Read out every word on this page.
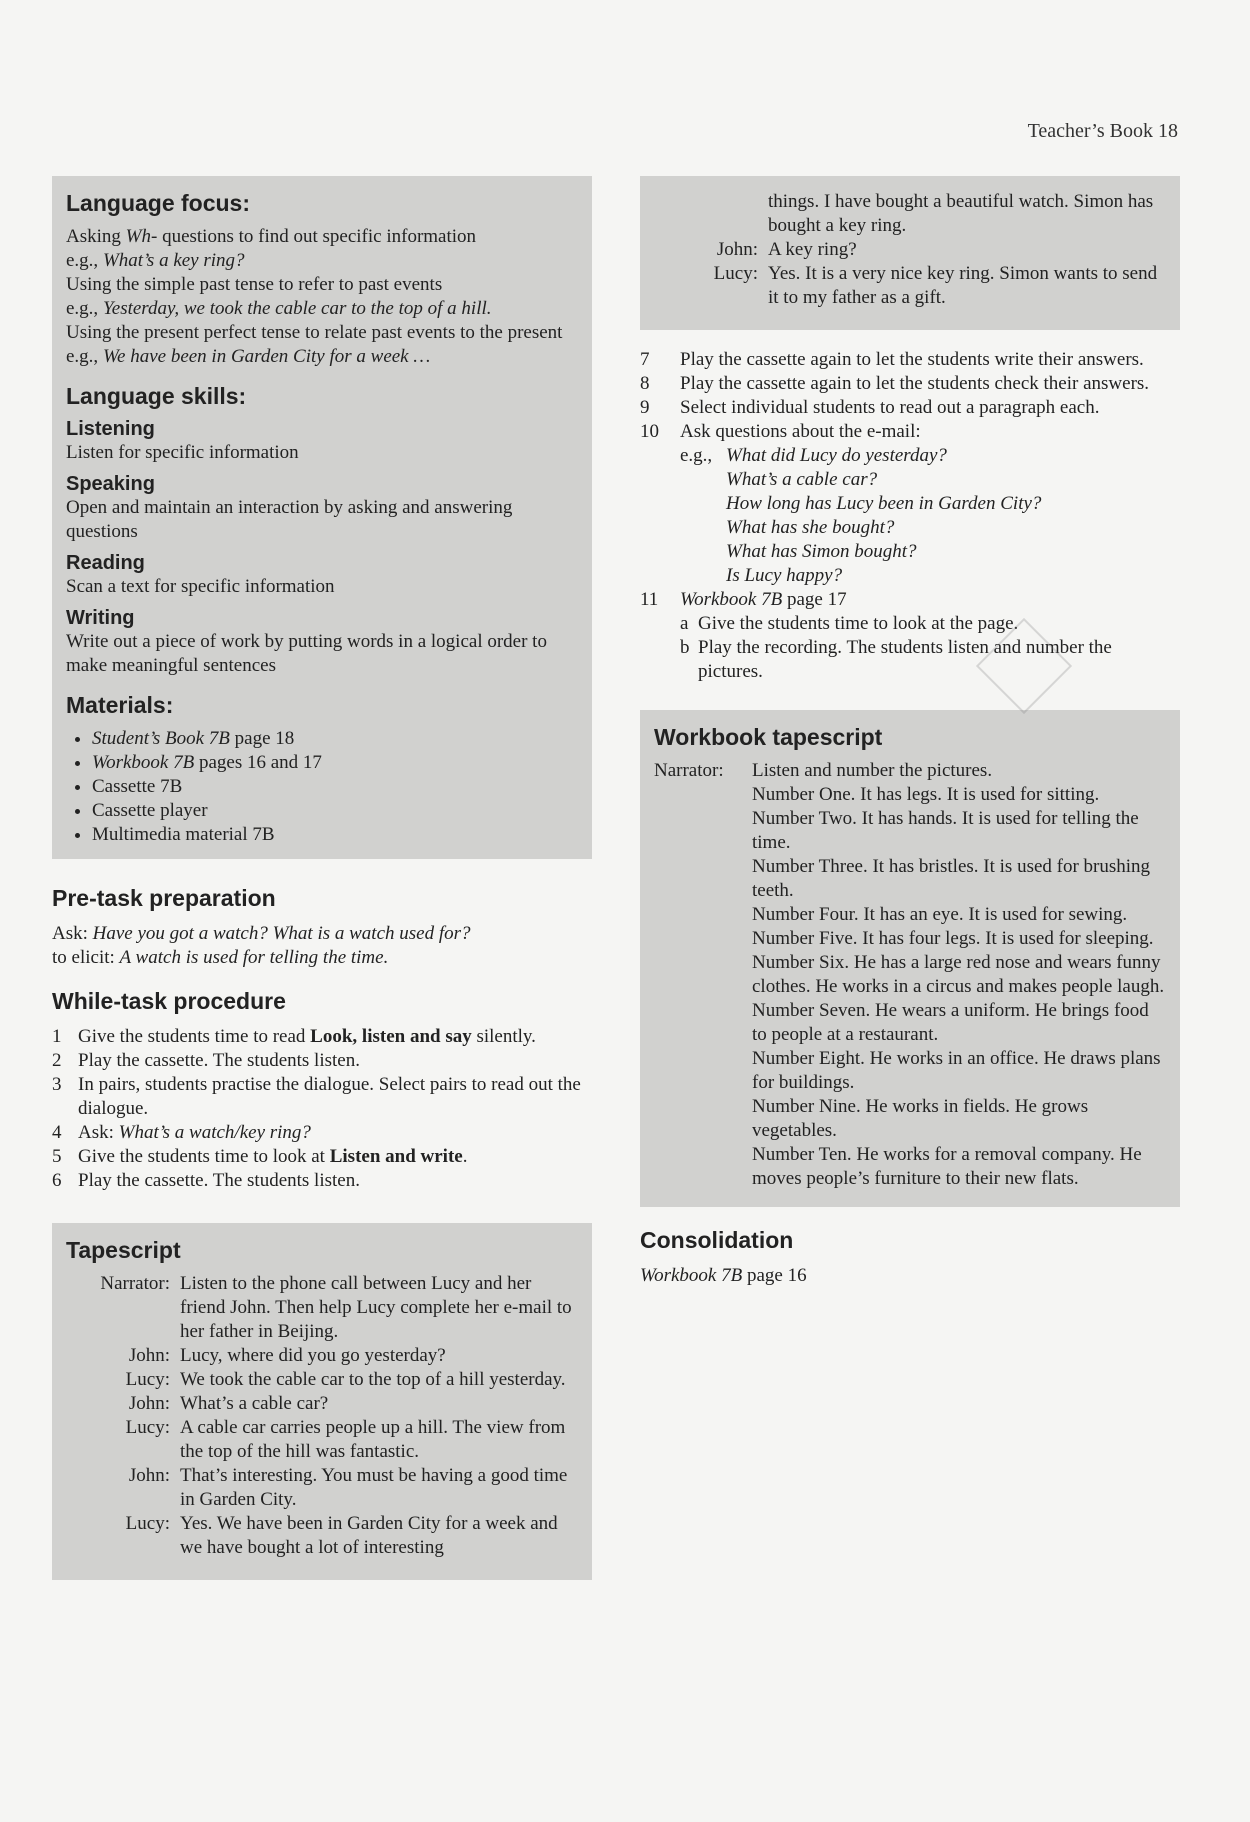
Teacher’s Book 18
Language focus:

Asking Wh- questions to find out specific information

e.g., What’s a key ring?

Using the simple past tense to refer to past events

e.g., Yesterday, we took the cable car to the top of a hill.

Using the present perfect tense to relate past events to the present

e.g., We have been in Garden City for a week …

Language skills:
Listening

Listen for specific information

Speaking

Open and maintain an interaction by asking and answering questions

Reading

Scan a text for specific information

Writing

Write out a piece of work by putting words in a logical order to make meaningful sentences

Materials:
• Student’s Book 7B page 18
• Workbook 7B pages 16 and 17
• Cassette 7B
• Cassette player
• Multimedia material 7B
Pre-task preparation

Ask: Have you got a watch? What is a watch used for?

to elicit: A watch is used for telling the time.

While-task procedure
1 Give the students time to read Look, listen and say silently.
2 Play the cassette. The students listen.
3 In pairs, students practise the dialogue. Select pairs to read out the dialogue.
4 Ask: What’s a watch/key ring?
5 Give the students time to look at Listen and write.
6 Play the cassette. The students listen.
Tapescript
Narrator: Listen to the phone call between Lucy and her friend John. Then help Lucy complete her e-mail to her father in Beijing.
John: Lucy, where did you go yesterday?
Lucy: We took the cable car to the top of a hill yesterday.
John: What’s a cable car?
Lucy: A cable car carries people up a hill. The view from the top of the hill was fantastic.
John: That’s interesting. You must be having a good time in Garden City.
Lucy: Yes. We have been in Garden City for a week and we have bought a lot of interesting
things. I have bought a beautiful watch. Simon has bought a key ring.
John: A key ring?
Lucy: Yes. It is a very nice key ring. Simon wants to send it to my father as a gift.
7	Play the cassette again to let the students write their answers.
8	Play the cassette again to let the students check their answers.
9	Select individual students to read out a paragraph each.
10	Ask questions about the e-mail:
e.g., What did Lucy do yesterday?
What’s a cable car?
How long has Lucy been in Garden City?
What has she bought?
What has Simon bought?
Is Lucy happy?
11	Workbook 7B page 17
a Give the students time to look at the page.
b Play the recording. The students listen and number the pictures.
Workbook tapescript
Narrator:	Listen and number the pictures.
Number One. It has legs. It is used for sitting.
Number Two. It has hands. It is used for telling the time.
Number Three. It has bristles. It is used for brushing teeth.
Number Four. It has an eye. It is used for sewing.
Number Five. It has four legs. It is used for sleeping.
Number Six. He has a large red nose and wears funny clothes. He works in a circus and makes people laugh.
Number Seven. He wears a uniform. He brings food to people at a restaurant.
Number Eight. He works in an office. He draws plans for buildings.
Number Nine. He works in fields. He grows vegetables.
Number Ten. He works for a removal company. He moves people’s furniture to their new flats.
Consolidation

Workbook 7B page 16
